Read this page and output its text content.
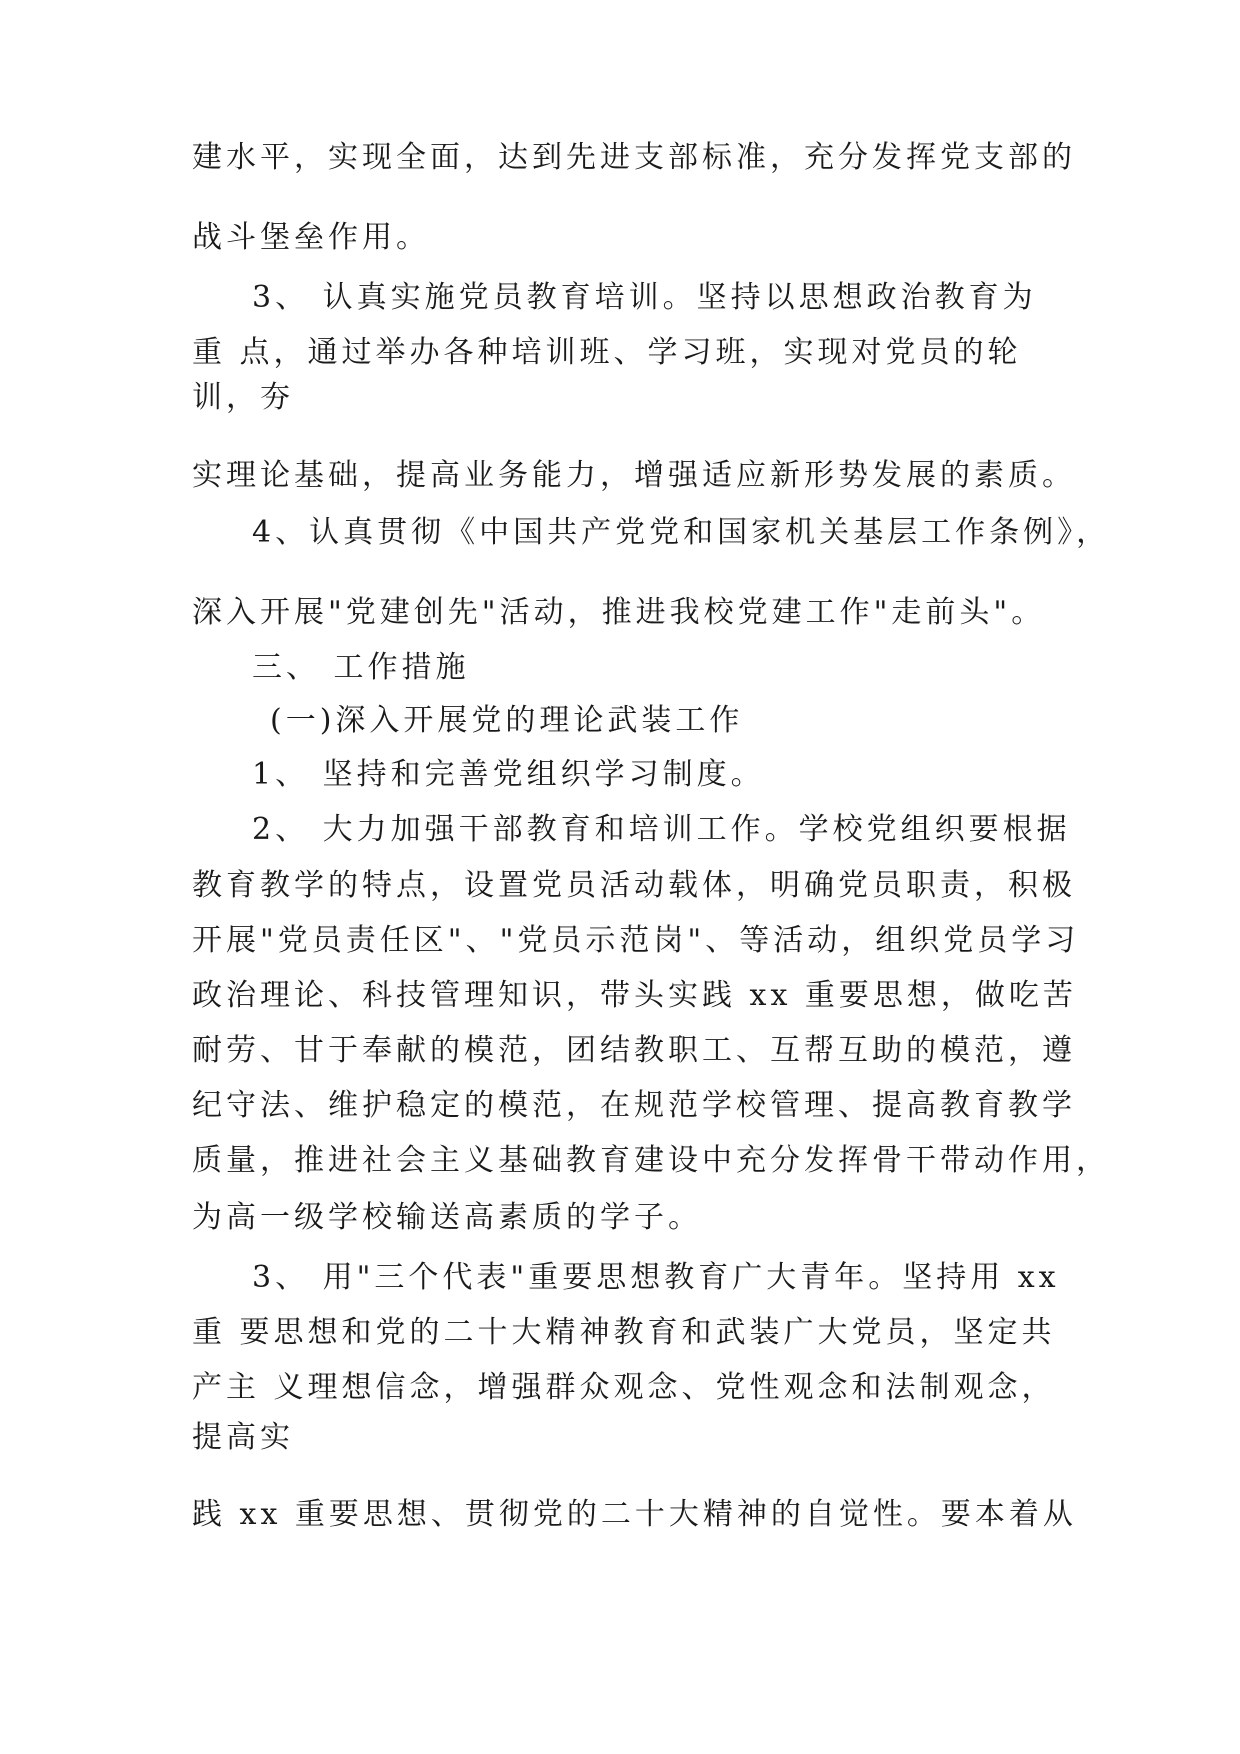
建水平，实现全面，达到先进支部标准，充分发挥党支部的

战斗堡垒作用。

3、 认真实施党员教育培训。坚持以思想政治教育为

重 点，通过举办各种培训班、学习班，实现对党员的轮

训，夯

实理论基础，提高业务能力，增强适应新形势发展的素质。

4、认真贯彻《中国共产党党和国家机关基层工作条例》，

深入开展"党建创先"活动，推进我校党建工作"走前头"。

三、 工作措施

(一)深入开展党的理论武装工作

1、 坚持和完善党组织学习制度。

2、 大力加强干部教育和培训工作。学校党组织要根据

教育教学的特点，设置党员活动载体，明确党员职责，积极

开展"党员责任区"、"党员示范岗"、等活动，组织党员学习

政治理论、科技管理知识，带头实践 xx 重要思想，做吃苦

耐劳、甘于奉献的模范，团结教职工、互帮互助的模范，遵

纪守法、维护稳定的模范，在规范学校管理、提高教育教学

质量，推进社会主义基础教育建设中充分发挥骨干带动作用，

为高一级学校输送高素质的学子。

3、 用"三个代表"重要思想教育广大青年。坚持用 xx

重 要思想和党的二十大精神教育和武装广大党员，坚定共

产主 义理想信念，增强群众观念、党性观念和法制观念，

提高实

践 xx 重要思想、贯彻党的二十大精神的自觉性。要本着从
